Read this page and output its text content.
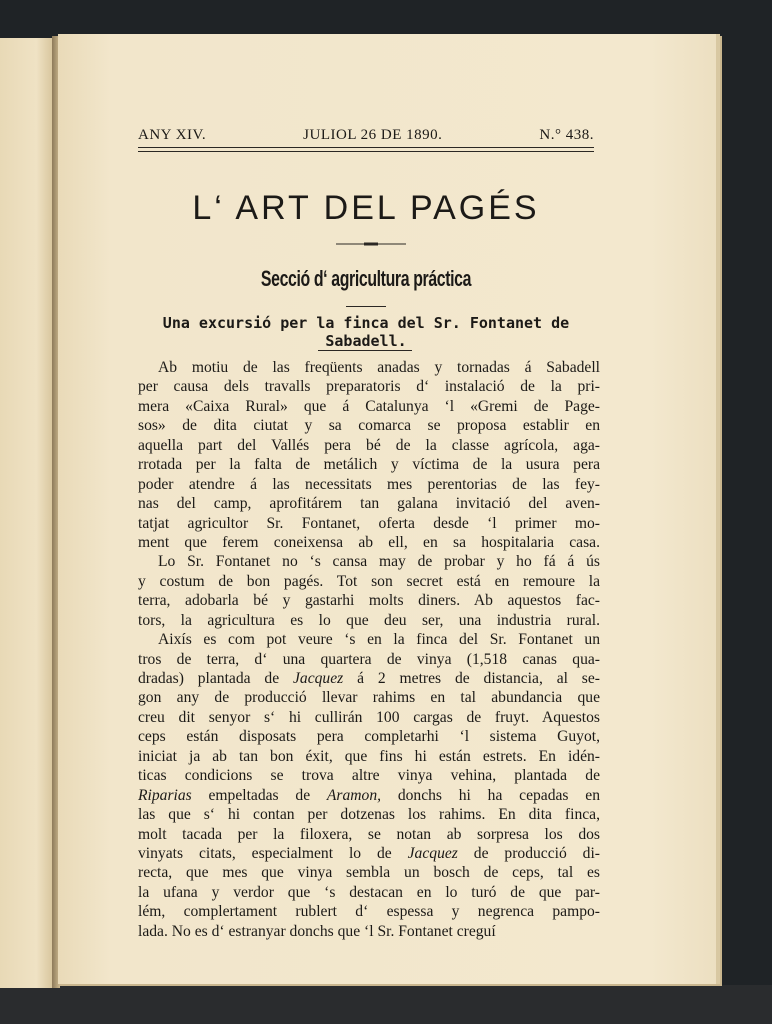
ANY XIV.	JULIOL 26 DE 1890.	N.° 438.
L‘ ART DEL PAGÉS
Secció d‘ agricultura práctica
Una excursió per la finca del Sr. Fontanet de Sabadell.
Ab motiu de las freqüents anadas y tornadas á Sabadell
per causa dels travalls preparatoris d‘ instalació de la pri-
mera «Caixa Rural» que á Catalunya ‘l «Gremi de Page-
sos» de dita ciutat y sa comarca se proposa establir en
aquella part del Vallés pera bé de la classe agrícola, aga-
rrotada per la falta de metálich y víctima de la usura pera
poder atendre á las necessitats mes perentorias de las fey-
nas del camp, aprofitárem tan galana invitació del aven-
tatjat agricultor Sr. Fontanet, oferta desde ‘l primer mo-
ment que ferem coneixensa ab ell, en sa hospitalaria casa.
Lo Sr. Fontanet no ‘s cansa may de probar y ho fá á ús
y costum de bon pagés. Tot son secret está en remoure la
terra, adobarla bé y gastarhi molts diners. Ab aquestos fac-
tors, la agricultura es lo que deu ser, una industria rural.
Aixís es com pot veure ‘s en la finca del Sr. Fontanet un
tros de terra, d‘ una quartera de vinya (1,518 canas qua-
dradas) plantada de Jacquez á 2 metres de distancia, al se-
gon any de producció llevar rahims en tal abundancia que
creu dit senyor s‘ hi cullirán 100 cargas de fruyt. Aquestos
ceps están disposats pera completarhi ‘l sistema Guyot,
iniciat ja ab tan bon éxit, que fins hi están estrets. En idén-
ticas condicions se trova altre vinya vehina, plantada de
Riparias empeltadas de Aramon, donchs hi ha cepadas en
las que s‘ hi contan per dotzenas los rahims. En dita finca,
molt tacada per la filoxera, se notan ab sorpresa los dos
vinyats citats, especialment lo de Jacquez de producció di-
recta, que mes que vinya sembla un bosch de ceps, tal es
la ufana y verdor que ‘s destacan en lo turó de que par-
lém, complertament rublert d‘ espessa y negrenca pampo-
lada. No es d‘ estranyar donchs que ‘l Sr. Fontanet creguí
